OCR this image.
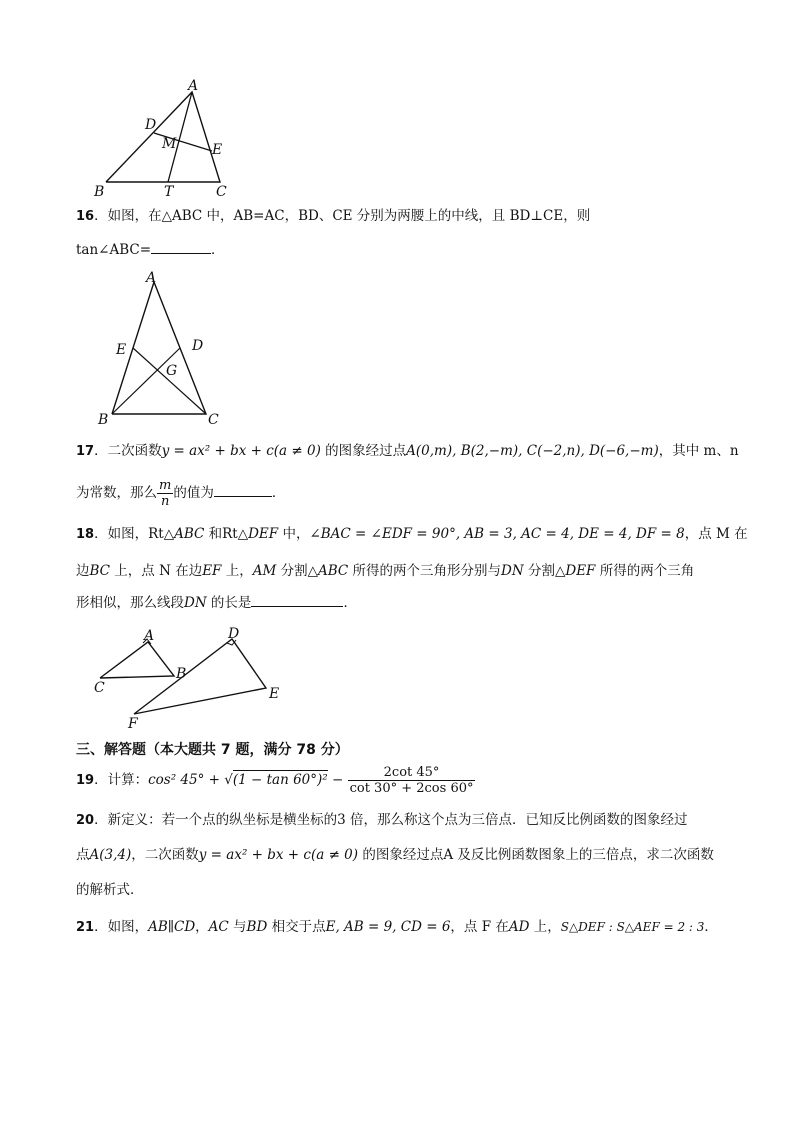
A
D
M	E
B	T	C
16．如图，在△ABC 中，AB=AC，BD、CE 分别为两腰上的中线，且 BD⊥CE，则
tan∠ABC=	．
A
E	D
G
B	C
17．二次函数y = ax² + bx + c(a ≠ 0) 的图象经过点A(0,m), B(2,−m), C(−2,n), D(−6,−m)，其中 m、n
为常数，那么 $\frac{m}{n}$ 的值为	．
18．如图，Rt△ABC 和Rt△DEF 中，∠BAC = ∠EDF = 90°, AB = 3, AC = 4, DE = 4, DF = 8，点 M 在
边BC 上，点 N 在边EF 上，AM 分割△ABC 所得的两个三角形分别与DN 分割△DEF 所得的两个三角
形相似，那么线段DN 的长是	．
A
B
C
D
E
F
三、解答题（本大题共 7 题，满分 78 分）
19．计算：cos² $45^\circ + √(1 - \tan 60^\circ)^2 - \frac{2\cot 45^\circ}{\cot 30^\circ + 2\cos 60^\circ}$
20．新定义：若一个点的纵坐标是横坐标的3 倍，那么称这个点为三倍点．已知反比例函数的图象经过
点A(3,4)，二次函数y = ax² + bx + c(a ≠ 0) 的图象经过点A 及反比例函数图象上的三倍点，求二次函数
的解析式．
21．如图，AB∥CD，AC 与BD 相交于点E, AB = 9, CD = 6，点 F 在AD 上，S△DEF : S△AEF = 2 : 3．
